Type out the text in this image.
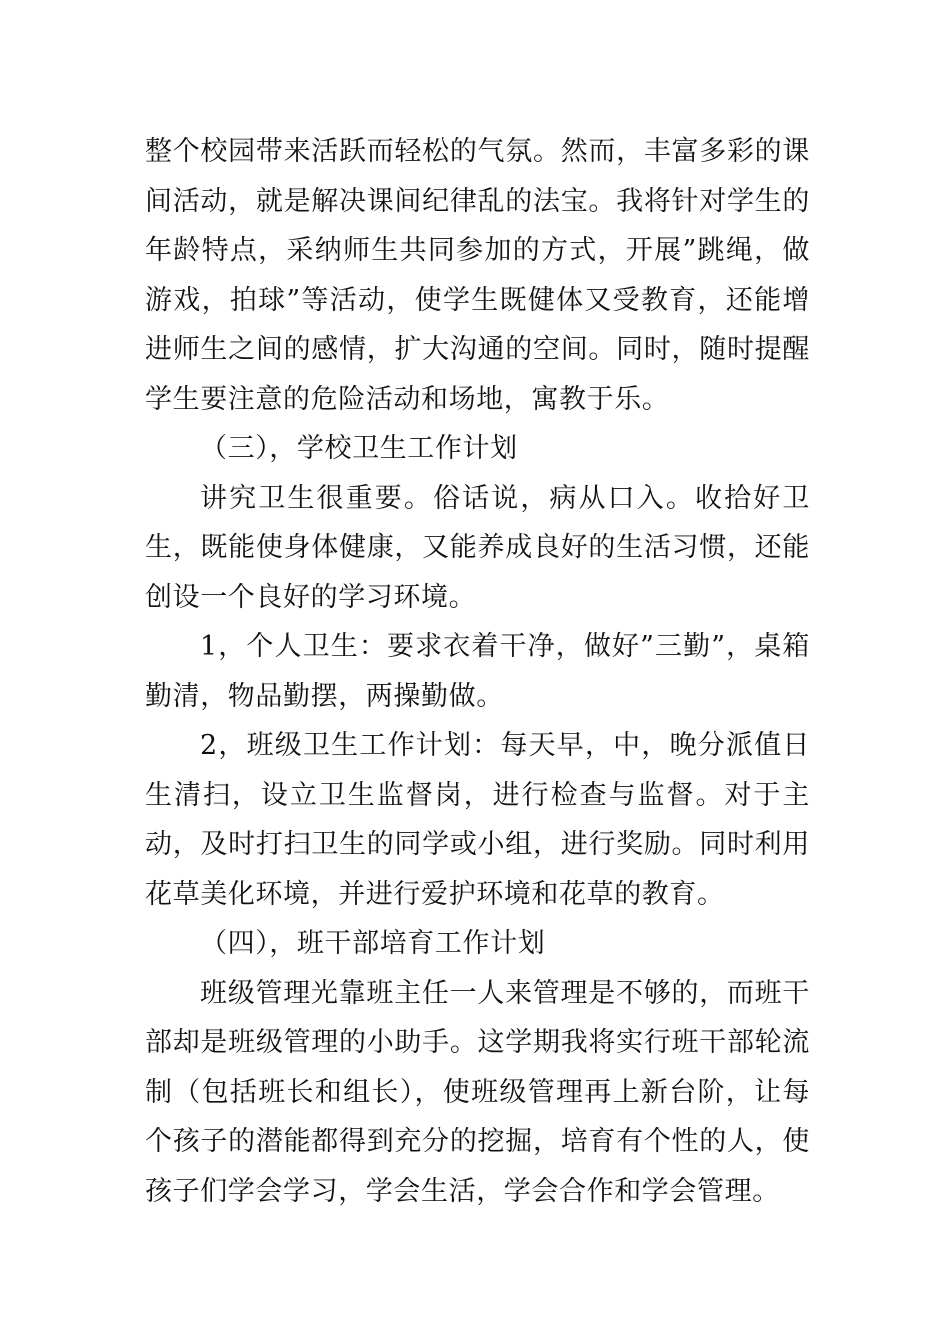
整个校园带来活跃而轻松的气氛。然而，丰富多彩的课间活动，就是解决课间纪律乱的法宝。我将针对学生的年龄特点，采纳师生共同参加的方式，开展”跳绳，做游戏，拍球”等活动，使学生既健体又受教育，还能增进师生之间的感情，扩大沟通的空间。同时，随时提醒学生要注意的危险活动和场地，寓教于乐。

（三），学校卫生工作计划

讲究卫生很重要。俗话说，病从口入。收拾好卫生，既能使身体健康，又能养成良好的生活习惯，还能创设一个良好的学习环境。

1，个人卫生：要求衣着干净，做好”三勤”，桌箱勤清，物品勤摆，两操勤做。

2，班级卫生工作计划：每天早，中，晚分派值日生清扫，设立卫生监督岗，进行检查与监督。对于主动，及时打扫卫生的同学或小组，进行奖励。同时利用花草美化环境，并进行爱护环境和花草的教育。

（四），班干部培育工作计划

班级管理光靠班主任一人来管理是不够的，而班干部却是班级管理的小助手。这学期我将实行班干部轮流制（包括班长和组长），使班级管理再上新台阶，让每个孩子的潜能都得到充分的挖掘，培育有个性的人，使孩子们学会学习，学会生活，学会合作和学会管理。
